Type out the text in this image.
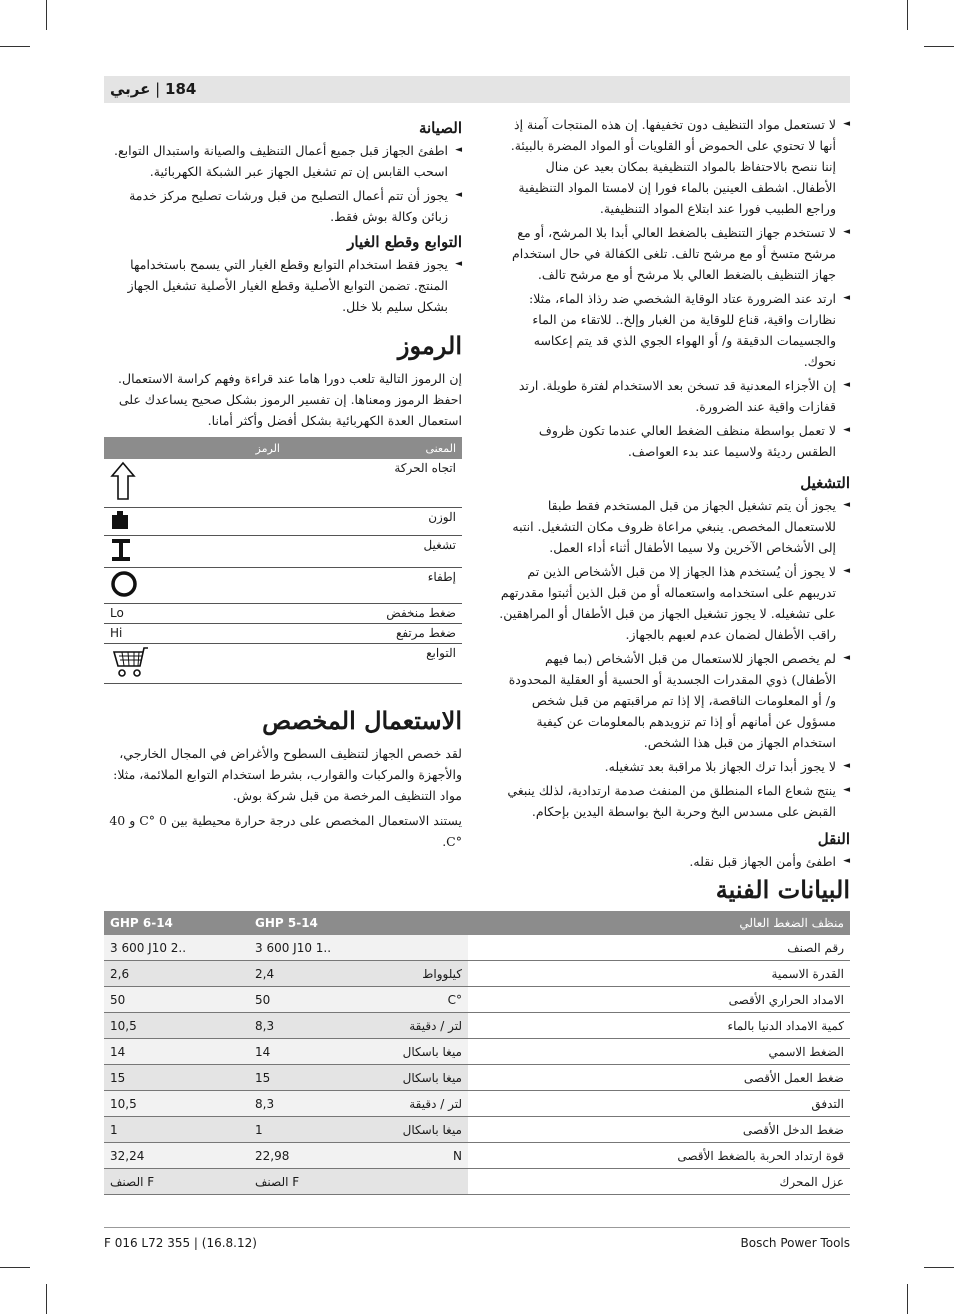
184 | عربي
◄
لا تستعمل مواد التنظيف دون تخفيفها. إن هذه المنتجات آمنة إذ أنها لا تحتوي على الحموض أو القلويات أو المواد المضرة بالبيئة. إننا ننصح بالاحتفاظ بالمواد التنظيفية بمكان بعيد عن منال الأطفال. اشطف العينين بالماء فورا إن لامستا المواد التنظيفية وراجع الطبيب فورا عند ابتلاع المواد التنظيفية.
◄
لا تستخدم جهاز التنظيف بالضغط العالي أبدا بلا المرشح، أو مع مرشح متسخ أو مع مرشح تالف. تلغى الكفالة في حال استخدام جهاز التنظيف بالضغط العالي بلا مرشح أو مع مرشح تالف.
◄
ارتد عند الضرورة عتاد الوقاية الشخصي ضد رذاذ الماء، مثلا: نظارات واقية، قناع للوقاية من الغبار وإلخ.. للاتقاء من الماء والجسيمات الدقيقة و/ أو الهواء الجوي الذي قد يتم إعكاسه نحوك.
◄
إن الأجزاء المعدنية قد تسخن بعد الاستخدام لفترة طويلة. ارتد قفازات واقية عند الضرورة.
◄
لا تعمل بواسطة منظف الضغط العالي عندما تكون ظروف الطقس رديئة ولاسيما عند بدء العواصف.
التشغيل
◄
يجوز أن يتم تشغيل الجهاز من قبل المستخدم فقط طبقا للاستعمال المخصص. ينبغي مراعاة ظروف مكان التشغيل. انتبه إلى الأشخاص الآخرين ولا سيما الأطفال أثناء أداء العمل.
◄
لا يجوز أن يُستخدم هذا الجهاز إلا من قبل الأشخاص الذين تم تدريبهم على استخدامه واستعماله أو من قبل الذين أثبتوا مقدرتهم على تشغيله. لا يجوز تشغيل الجهاز من قبل الأطفال أو المراهقين. راقب الأطفال لضمان عدم لعبهم بالجهاز.
◄
لم يخصص الجهاز للاستعمال من قبل الأشخاص (بما فيهم الأطفال) ذوي المقدرات الجسدية أو الحسية أو العقلية المحدودة و/ أو المعلومات الناقصة، إلا إذا تم مراقبتهم من قبل شخص مسؤول عن أمانهم أو إذا تم تزويدهم بالمعلومات عن كيفية استخدام الجهاز من قبل هذا الشخص.
◄
لا يجوز أبدا ترك الجهاز بلا مراقبة بعد تشغيله.
◄
ينتج شعاع الماء المنطلق من المنفث صدمة ارتدادية، لذلك ينبغي القبض على مسدس البخ وحربة البخ بواسطة اليدين بإحكام.
النقل
◄
اطفئ وأمن الجهاز قبل نقله.
الصيانة
◄
اطفئ الجهاز قبل جميع أعمال التنظيف والصيانة واستبدال التوابع. اسحب القابس إن تم تشغيل الجهاز عبر الشبكة الكهربائية.
◄
يجوز أن تتم أعمال التصليح من قبل ورشات تصليح مركز خدمة زبائن وكالة بوش فقط.
التوابع وقطع الغيار
◄
يجوز فقط استخدام التوابع وقطع الغيار التي يسمح باستخدامها المنتج. تضمن التوابع الأصلية وقطع الغيار الأصلية تشغيل الجهاز بشكل سليم بلا خلل.
الرموز
إن الرموز التالية تلعب دورا هاما عند قراءة وفهم كراسة الاستعمال. احفظ الرموز ومعناها. إن تفسير الرموز بشكل صحيح يساعدك على استعمال العدة الكهربائية بشكل أفضل وأكثر أمانا.
الرمز	المعنى
	اتجاه الحركة
	الوزن
	تشغيل
	إطفاء
Lo	ضغط منخفض
Hi	ضغط مرتفع
	التوابع
الاستعمال المخصص
لقد خصص الجهاز لتنظيف السطوح والأغراض في المجال الخارجي، والأجهزة والمركبات والقوارب، بشرط استخدام التوابع الملائمة، مثلا: مواد التنظيف المرخصة من قبل شركة بوش.
يستند الاستعمال المخصص على درجة حرارة محيطية بين 0 °C و 40 °C.
البيانات الفنية
GHP 6-14	GHP 5-14		منظف الضغط العالي
3 600 J10 2..	3 600 J10 1..		رقم الصنف
2,6	2,4	كيلوواط	القدرة الاسمية
50	50	°C	الامداد الحراري الأقصى
10,5	8,3	لتر / دقيقة	كمية الامداد الدنيا بالماء
14	14	ميغا باسكال	الضغط الاسمي
15	15	ميغا باسكال	ضغط العمل الأقصى
10,5	8,3	لتر / دقيقة	التدفق
1	1	ميغا باسكال	ضغط الدخل الأقصى
32,24	22,98	N	قوة ارتداد الحربة بالضغط الأقصى
الصنف F	الصنف F		عزل المحرك
F 016 L72 355 | (16.8.12)	Bosch Power Tools
